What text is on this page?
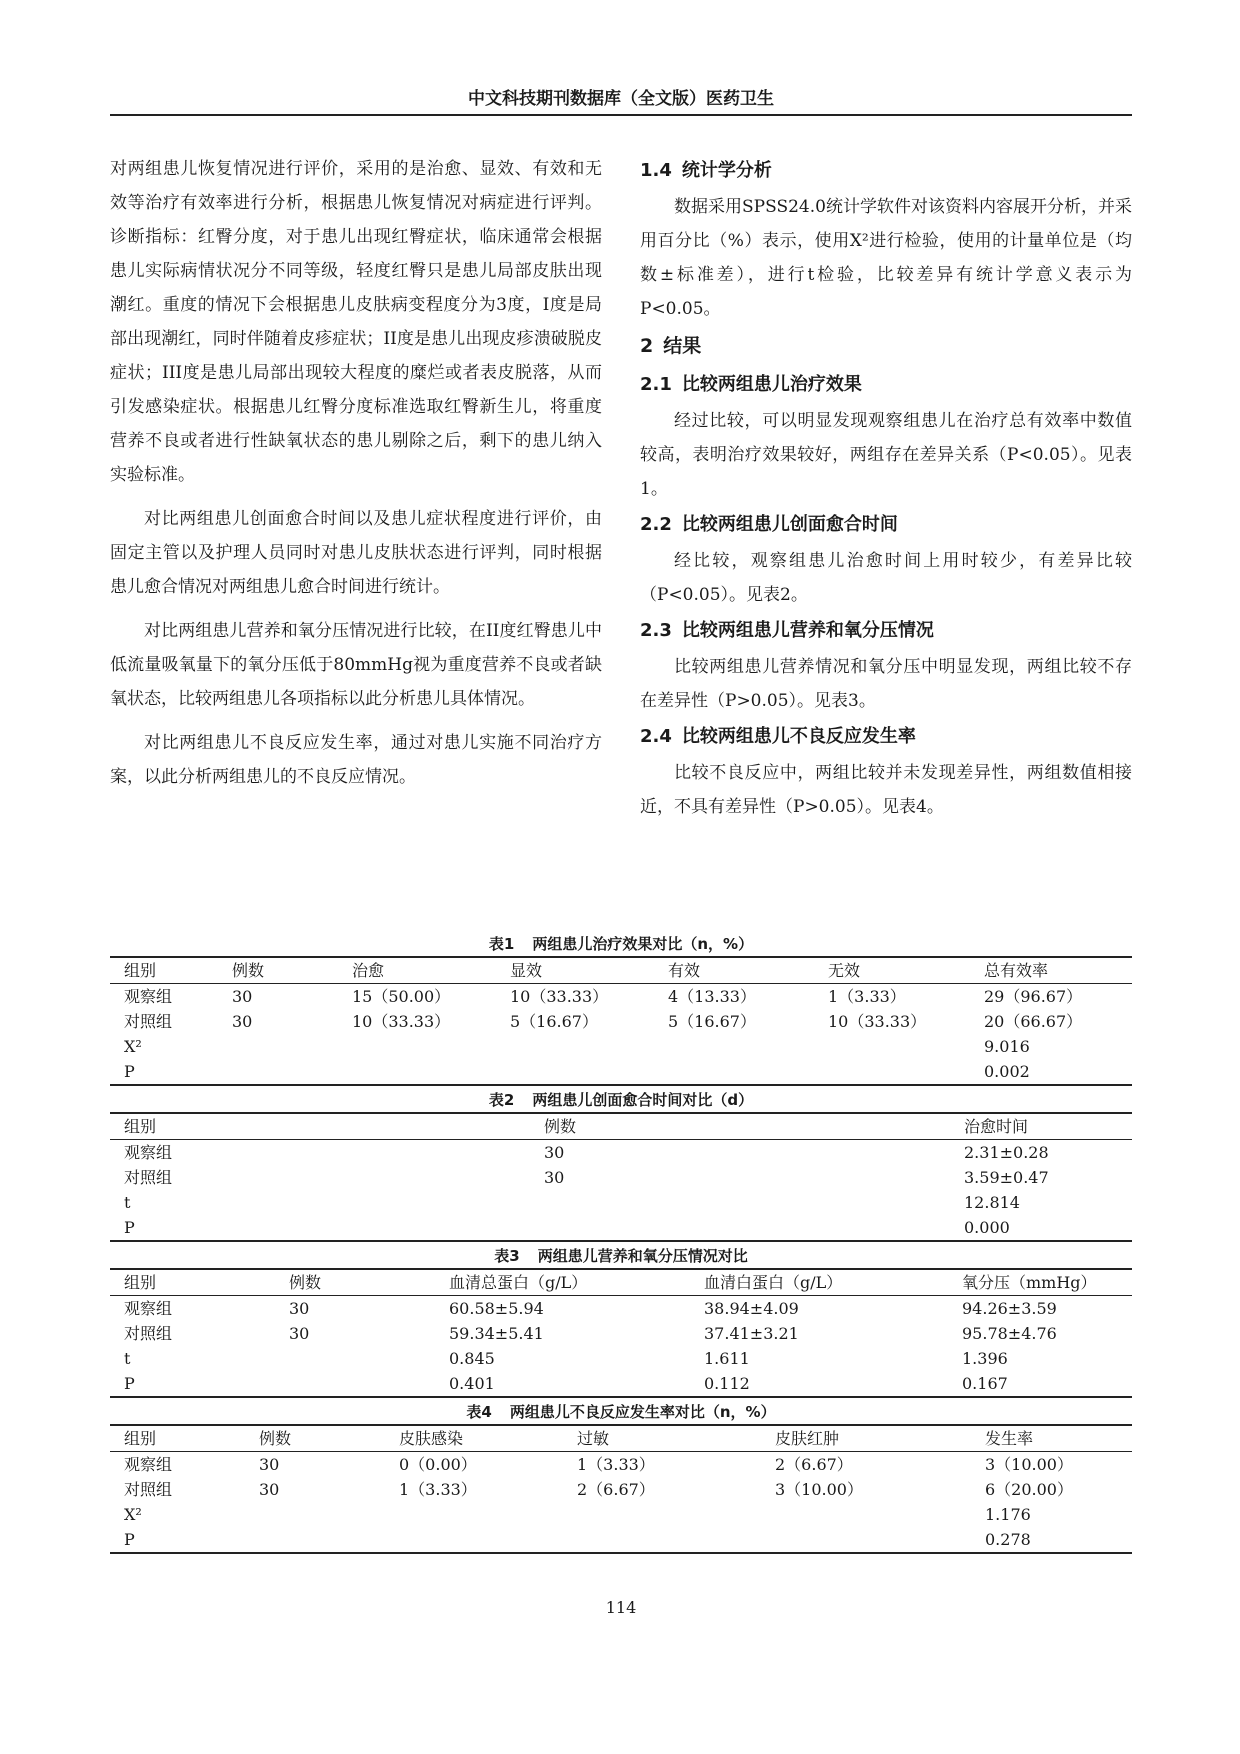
中文科技期刊数据库（全文版）医药卫生

对两组患儿恢复情况进行评价，采用的是治愈、显效、有效和无效等治疗有效率进行分析，根据患儿恢复情况对病症进行评判。诊断指标：红臀分度，对于患儿出现红臀症状，临床通常会根据患儿实际病情状况分不同等级，轻度红臀只是患儿局部皮肤出现潮红。重度的情况下会根据患儿皮肤病变程度分为3度，I度是局部出现潮红，同时伴随着皮疹症状；II度是患儿出现皮疹溃破脱皮症状；III度是患儿局部出现较大程度的糜烂或者表皮脱落，从而引发感染症状。根据患儿红臀分度标准选取红臀新生儿，将重度营养不良或者进行性缺氧状态的患儿剔除之后，剩下的患儿纳入实验标准。

对比两组患儿创面愈合时间以及患儿症状程度进行评价，由固定主管以及护理人员同时对患儿皮肤状态进行评判，同时根据患儿愈合情况对两组患儿愈合时间进行统计。

对比两组患儿营养和氧分压情况进行比较，在II度红臀患儿中低流量吸氧量下的氧分压低于80mmHg视为重度营养不良或者缺氧状态，比较两组患儿各项指标以此分析患儿具体情况。

对比两组患儿不良反应发生率，通过对患儿实施不同治疗方案，以此分析两组患儿的不良反应情况。

1.4 统计学分析

数据采用SPSS24.0统计学软件对该资料内容展开分析，并采用百分比（%）表示，使用X²进行检验，使用的计量单位是（均数±标准差），进行t检验，比较差异有统计学意义表示为P<0.05。

2 结果
2.1 比较两组患儿治疗效果

经过比较，可以明显发现观察组患儿在治疗总有效率中数值较高，表明治疗效果较好，两组存在差异关系（P<0.05）。见表1。

2.2 比较两组患儿创面愈合时间

经比较，观察组患儿治愈时间上用时较少，有差异比较（P<0.05）。见表2。

2.3 比较两组患儿营养和氧分压情况

比较两组患儿营养情况和氧分压中明显发现，两组比较不存在差异性（P>0.05）。见表3。

2.4 比较两组患儿不良反应发生率

比较不良反应中，两组比较并未发现差异性，两组数值相接近，不具有差异性（P>0.05）。见表4。

表1 两组患儿治疗效果对比（n，%）
组别	例数	治愈	显效	有效	无效	总有效率
观察组	30	15（50.00）	10（33.33）	4（13.33）	1（3.33）	29（96.67）
对照组	30	10（33.33）	5（16.67）	5（16.67）	10（33.33）	20（66.67）
X²						9.016
P						0.002
表2 两组患儿创面愈合时间对比（d）
组别	例数	治愈时间
观察组	30	2.31±0.28
对照组	30	3.59±0.47
t		12.814
P		0.000
表3 两组患儿营养和氧分压情况对比
组别	例数	血清总蛋白（g/L）	血清白蛋白（g/L）	氧分压（mmHg）
观察组	30	60.58±5.94	38.94±4.09	94.26±3.59
对照组	30	59.34±5.41	37.41±3.21	95.78±4.76
t		0.845	1.611	1.396
P		0.401	0.112	0.167
表4 两组患儿不良反应发生率对比（n，%）
组别	例数	皮肤感染	过敏	皮肤红肿	发生率
观察组	30	0（0.00）	1（3.33）	2（6.67）	3（10.00）
对照组	30	1（3.33）	2（6.67）	3（10.00）	6（20.00）
X²					1.176
P					0.278
114
